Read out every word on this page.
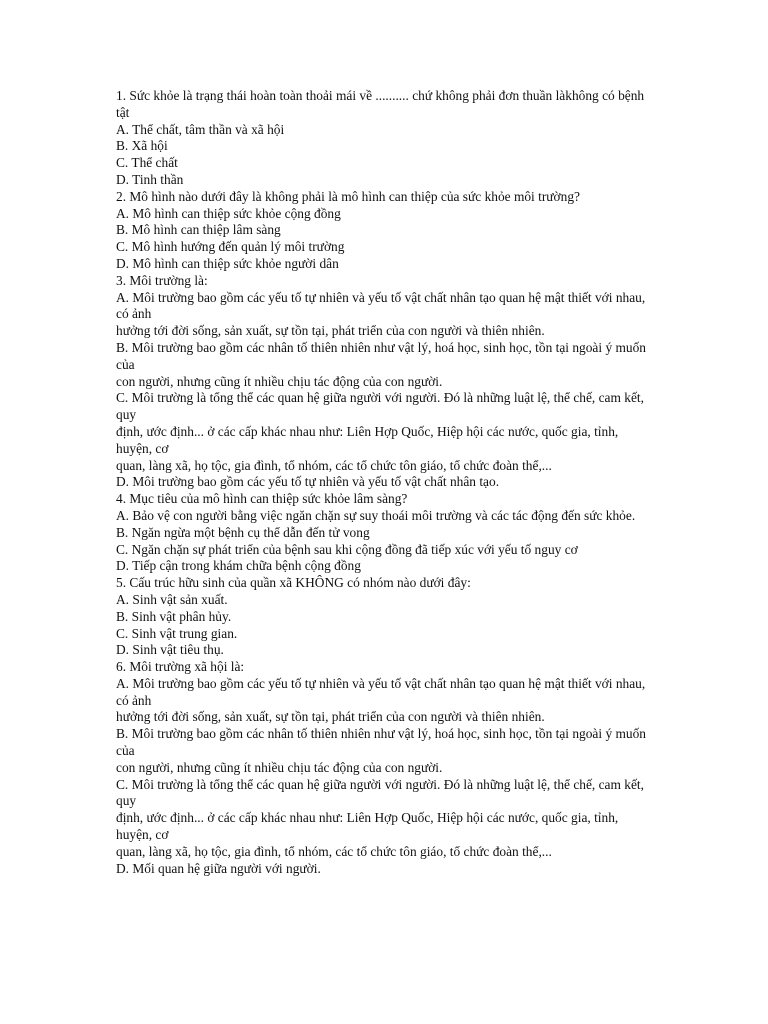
1. Sức khỏe là trạng thái hoàn toàn thoải mái về .......... chứ không phải đơn thuần làkhông có bệnh
tật
A. Thể chất, tâm thần và xã hội
B. Xã hội
C. Thể chất
D. Tinh thần
2. Mô hình nào dưới đây là không phải là mô hình can thiệp của sức khỏe môi trường?
A. Mô hình can thiệp sức khỏe cộng đồng
B. Mô hình can thiệp lâm sàng
C. Mô hình hướng đến quản lý môi trường
D. Mô hình can thiệp sức khỏe người dân
3. Môi trường là:
A. Môi trường bao gồm các yếu tố tự nhiên và yếu tố vật chất nhân tạo quan hệ mật thiết với nhau, có ảnh
hưởng tới đời sống, sản xuất, sự tồn tại, phát triển của con người và thiên nhiên.
B. Môi trường bao gồm các nhân tố thiên nhiên như vật lý, hoá học, sinh học, tồn tại ngoài ý muốn của
con người, nhưng cũng ít nhiều chịu tác động của con người.
C. Môi trường là tổng thể các quan hệ giữa người với người. Đó là những luật lệ, thể chế, cam kết, quy
định, ước định... ở các cấp khác nhau như: Liên Hợp Quốc, Hiệp hội các nước, quốc gia, tỉnh, huyện, cơ
quan, làng xã, họ tộc, gia đình, tổ nhóm, các tổ chức tôn giáo, tổ chức đoàn thể,...
D. Môi trường bao gồm các yếu tố tự nhiên và yếu tố vật chất nhân tạo.
4. Mục tiêu của mô hình can thiệp sức khỏe lâm sàng?
A. Bảo vệ con người bằng việc ngăn chặn sự suy thoái môi trường và các tác động đến sức khỏe.
B. Ngăn ngừa một bệnh cụ thể dẫn đến tử vong
C. Ngăn chặn sự phát triển của bệnh sau khi cộng đồng đã tiếp xúc với yếu tố nguy cơ
D. Tiếp cận trong khám chữa bệnh cộng đồng
5. Cấu trúc hữu sinh của quần xã KHÔNG có nhóm nào dưới đây:
A. Sinh vật sản xuất.
B. Sinh vật phân hủy.
C. Sinh vật trung gian.
D. Sinh vật tiêu thụ.
6. Môi trường xã hội là:
A. Môi trường bao gồm các yếu tố tự nhiên và yếu tố vật chất nhân tạo quan hệ mật thiết với nhau, có ảnh
hưởng tới đời sống, sản xuất, sự tồn tại, phát triển của con người và thiên nhiên.
B. Môi trường bao gồm các nhân tố thiên nhiên như vật lý, hoá học, sinh học, tồn tại ngoài ý muốn của
con người, nhưng cũng ít nhiều chịu tác động của con người.
C. Môi trường là tổng thể các quan hệ giữa người với người. Đó là những luật lệ, thể chế, cam kết, quy
định, ước định... ở các cấp khác nhau như: Liên Hợp Quốc, Hiệp hội các nước, quốc gia, tỉnh, huyện, cơ
quan, làng xã, họ tộc, gia đình, tổ nhóm, các tổ chức tôn giáo, tổ chức đoàn thể,...
D. Mối quan hệ giữa người với người.
